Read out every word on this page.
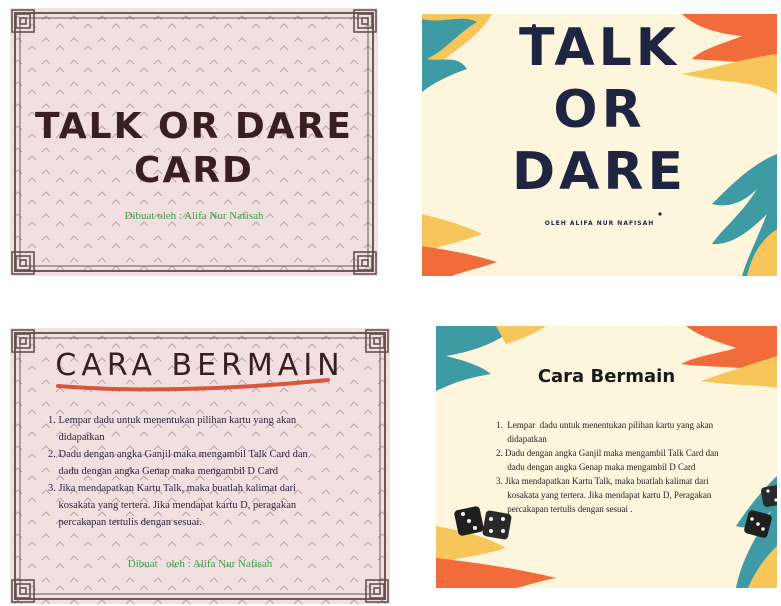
TALK OR DARE
CARD
Dibuat oleh : Alifa Nur Nafisah
TALK
OR
DARE
OLEH ALIFA NUR NAFISAH
CARA BERMAIN
1. Lempar dadu untuk menentukan pilihan kartu yang akan
didapatkan
2. Dadu dengan angka Ganjil maka mengambil Talk Card dan
dadu dengan angka Genap maka mengambil D Card
3. Jika mendapatkan Kartu Talk, maka buatlah kalimat dari
kosakata yang tertera. Jika mendapat kartu D, peragakan
percakapan tertulis dengan sesuai.
Dibuat   oleh : Alifa Nur Nafisah
Cara Bermain
1.  Lempar  dadu untuk menentukan pilihan kartu yang akan
didapatkan
2. Dadu dengan angka Ganjil maka mengambil Talk Card dan
dadu dengan angka Genap maka mengambil D Card
3. Jika mendapatkan Kartu Talk, maka buatlah kalimat dari
kosakata yang tertera. Jika mendapat kartu D, Peragakan
percakapan tertulis dengan sesuai .
